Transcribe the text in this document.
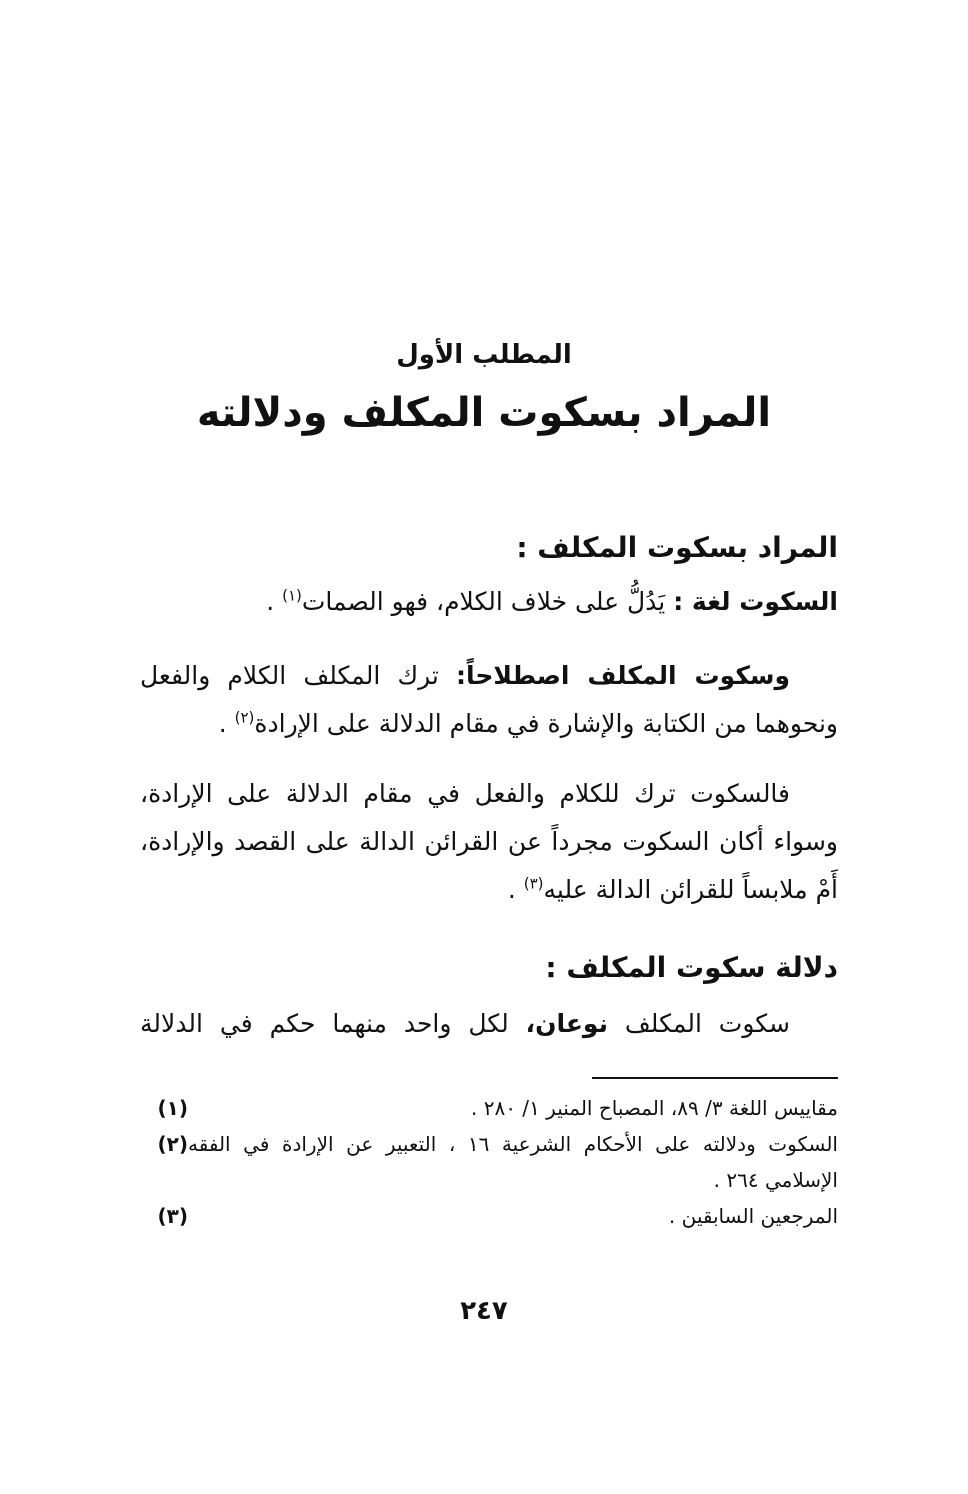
المطلب الأول
المراد بسكوت المكلف ودلالته
المراد بسكوت المكلف :
السكوت لغة : يَدُلُّ على خلاف الكلام، فهو الصمات$^{(١)}$ .
وسكوت المكلف اصطلاحاً: ترك المكلف الكلام والفعل ونحوهما من الكتابة والإشارة في مقام الدلالة على الإرادة$^{(٢)}$ .
فالسكوت ترك للكلام والفعل في مقام الدلالة على الإرادة، وسواء أكان السكوت مجرداً عن القرائن الدالة على القصد والإرادة، أَمْ ملابساً للقرائن الدالة عليه$^{(٣)}$ .
دلالة سكوت المكلف :
سكوت المكلف نوعان، لكل واحد منهما حكم في الدلالة
(١)	مقاييس اللغة ٣/ ٨٩، المصباح المنير ١/ ٢٨٠ .
(٢) السكوت ودلالته على الأحكام الشرعية ١٦ ، التعبير عن الإرادة في الفقه الإسلامي ٢٦٤ .
(٣)	المرجعين السابقين .
٢٤٧
